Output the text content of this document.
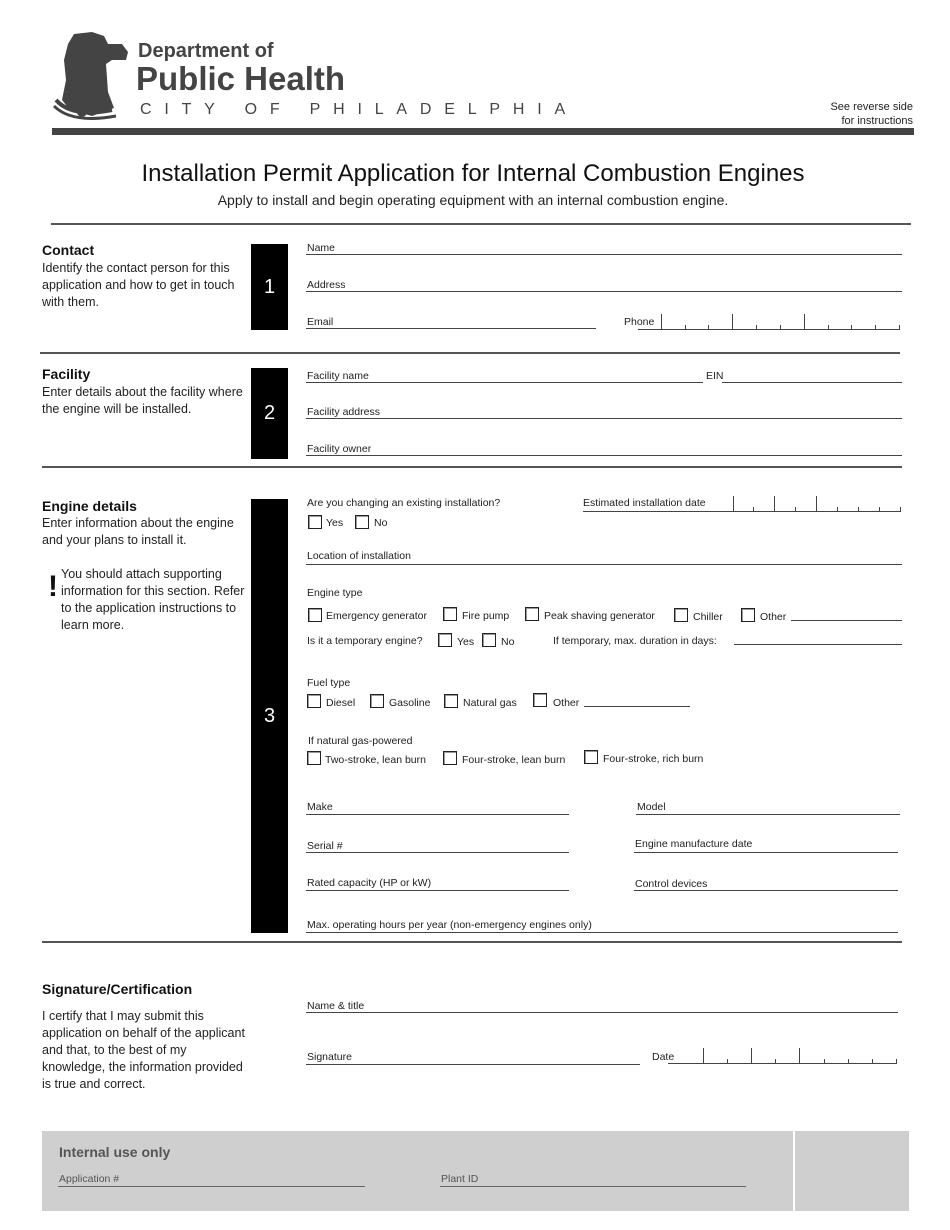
Department of
Public Health
CITY OF PHILADELPHIA	See reverse side
for instructions
Installation Permit Application for Internal Combustion Engines
Apply to install and begin operating equipment with an internal combustion engine.
Contact
Identify the contact person for this application and how to get in touch with them.
1
Name
Address
Email	Phone
Facility
Enter details about the facility where the engine will be installed.	2
Facility name	EIN
Facility address
Facility owner
Engine details
Enter information about the engine and your plans to install it.
! You should attach supporting information for this section. Refer to the application instructions to learn more.
3
Are you changing an existing installation?
Yes	No
Estimated installation date
Location of installation
Engine type
Emergency generator	Fire pump	Peak shaving generator	Chiller	Other
Is it a temporary engine?	Yes	No	If temporary, max. duration in days:
Fuel type
Diesel	Gasoline	Natural gas	Other
If natural gas-powered
Two-stroke, lean burn	Four-stroke, lean burn	Four-stroke, rich burn
Make	Model
Serial #	Engine manufacture date
Rated capacity (HP or kW)	Control devices
Max. operating hours per year (non-emergency engines only)
Signature/Certification
I certify that I may submit this application on behalf of the applicant and that, to the best of my knowledge, the information provided is true and correct.
Name & title
Signature	Date
Internal use only
Application #	Plant ID
